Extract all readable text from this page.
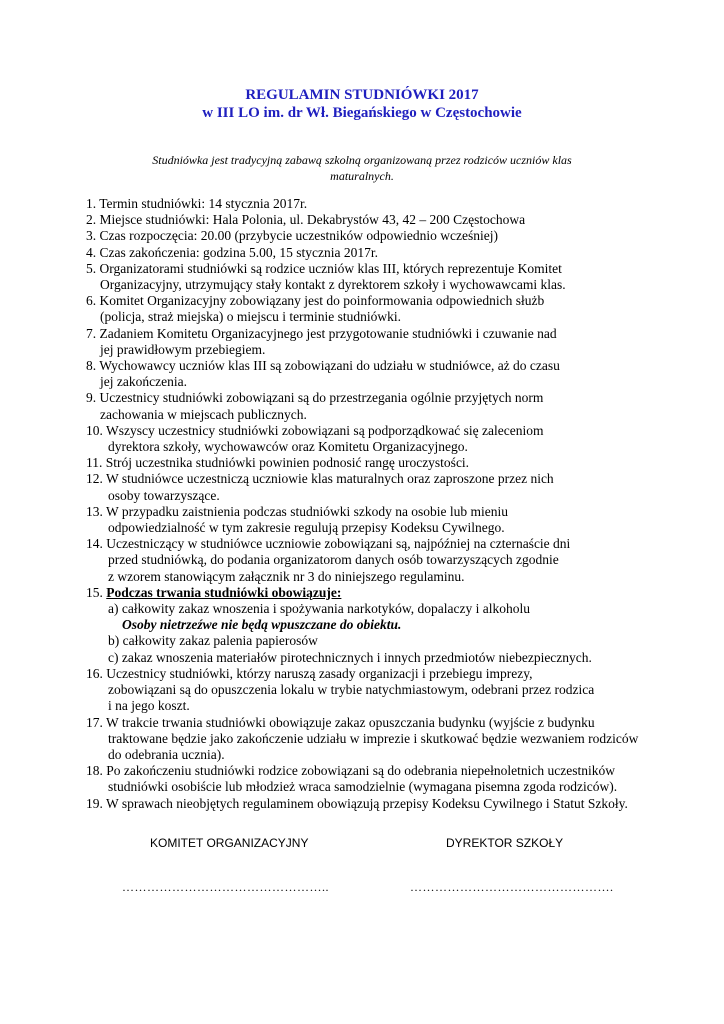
REGULAMIN STUDNIÓWKI 2017
w III LO im. dr Wł. Biegańskiego w Częstochowie
Studniówka jest tradycyjną zabawą szkolną organizowaną przez rodziców uczniów klas
maturalnych.
1. Termin studniówki: 14 stycznia 2017r.
2. Miejsce studniówki: Hala Polonia, ul. Dekabrystów 43, 42 – 200 Częstochowa
3. Czas rozpoczęcia: 20.00 (przybycie uczestników odpowiednio wcześniej)
4. Czas zakończenia: godzina 5.00, 15 stycznia 2017r.
5. Organizatorami studniówki są rodzice uczniów klas III, których reprezentuje Komitet
Organizacyjny, utrzymujący stały kontakt z dyrektorem szkoły i wychowawcami klas.
6. Komitet Organizacyjny zobowiązany jest do poinformowania odpowiednich służb
(policja, straż miejska) o miejscu i terminie studniówki.
7. Zadaniem Komitetu Organizacyjnego jest przygotowanie studniówki i czuwanie nad
jej prawidłowym przebiegiem.
8. Wychowawcy uczniów klas III są zobowiązani do udziału w studniówce, aż do czasu
jej zakończenia.
9. Uczestnicy studniówki zobowiązani są do przestrzegania ogólnie przyjętych norm
zachowania w miejscach publicznych.
10. Wszyscy uczestnicy studniówki zobowiązani są podporządkować się zaleceniom
dyrektora szkoły, wychowawców oraz Komitetu Organizacyjnego.
11. Strój uczestnika studniówki powinien podnosić rangę uroczystości.
12. W studniówce uczestniczą uczniowie klas maturalnych oraz zaproszone przez nich
osoby towarzyszące.
13. W przypadku zaistnienia podczas studniówki szkody na osobie lub mieniu
odpowiedzialność w tym zakresie regulują przepisy Kodeksu Cywilnego.
14. Uczestniczący w studniówce uczniowie zobowiązani są, najpóźniej na czternaście dni
przed studniówką, do podania organizatorom danych osób towarzyszących zgodnie
z wzorem stanowiącym załącznik nr 3 do niniejszego regulaminu.
15. Podczas trwania studniówki obowiązuje:
a) całkowity zakaz wnoszenia i spożywania narkotyków, dopalaczy i alkoholu
Osoby nietrzeźwe nie będą wpuszczane do obiektu.
b) całkowity zakaz palenia papierosów
c) zakaz wnoszenia materiałów pirotechnicznych i innych przedmiotów niebezpiecznych.
16. Uczestnicy studniówki, którzy naruszą zasady organizacji i przebiegu imprezy,
zobowiązani są do opuszczenia lokalu w trybie natychmiastowym, odebrani przez rodzica
i na jego koszt.
17. W trakcie trwania studniówki obowiązuje zakaz opuszczania budynku (wyjście z budynku
traktowane będzie jako zakończenie udziału w imprezie i skutkować będzie wezwaniem rodziców
do odebrania ucznia).
18. Po zakończeniu studniówki rodzice zobowiązani są do odebrania niepełnoletnich uczestników
studniówki osobiście lub młodzież wraca samodzielnie (wymagana pisemna zgoda rodziców).
19. W sprawach nieobjętych regulaminem obowiązują przepisy Kodeksu Cywilnego i Statut Szkoły.
KOMITET ORGANIZACYJNY	DYREKTOR SZKOŁY
…………………………………………..	………………………………………….
